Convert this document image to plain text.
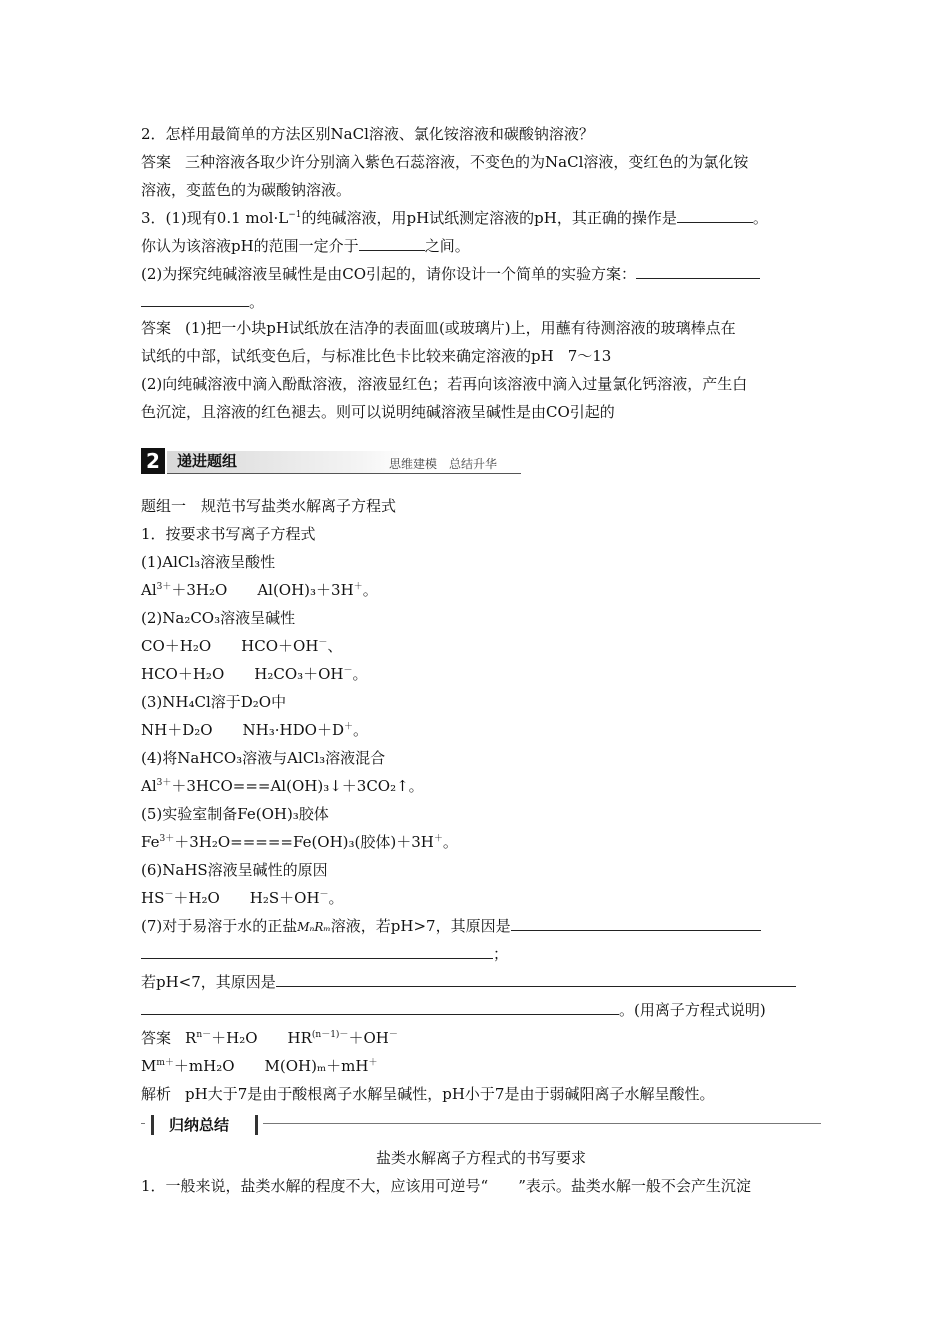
2．怎样用最简单的方法区别NaCl溶液、氯化铵溶液和碳酸钠溶液？
答案 三种溶液各取少许分别滴入紫色石蕊溶液，不变色的为NaCl溶液，变红色的为氯化铵
溶液，变蓝色的为碳酸钠溶液。
3．(1)现有0.1 $mol\cdot L^{-1}$的纯碱溶液，用pH试纸测定溶液的pH，其正确的操作是	。
你认为该溶液pH的范围一定介于	之间。
(2)为探究纯碱溶液呈碱性是由CO引起的，请你设计一个简单的实验方案：
。
答案 (1)把一小块pH试纸放在洁净的表面皿(或玻璃片)上，用蘸有待测溶液的玻璃棒点在
试纸的中部，试纸变色后，与标准比色卡比较来确定溶液的pH 7～13
(2)向纯碱溶液中滴入酚酞溶液，溶液显红色；若再向该溶液中滴入过量氯化钙溶液，产生白
色沉淀，且溶液的红色褪去。则可以说明纯碱溶液呈碱性是由CO引起的
2	递进题组	思维建模　总结升华
题组一　规范书写盐类水解离子方程式
1．按要求书写离子方程式
(1)AlCl₃溶液呈酸性
$Al^{3+}+3H_2O$ Al(OH)₃＋3H＋。
(2)Na₂CO₃溶液呈碱性
CO＋H₂O HCO＋OH－、
HCO＋H₂O H₂CO₃＋OH－。
(3)NH₄Cl溶于D₂O中
NH＋D₂O NH₃·HDO＋D＋。
(4)将NaHCO₃溶液与AlCl₃溶液混合
$Al^{3+}+3HCO===Al(OH)_3↓+3CO_2↑$。
(5)实验室制备Fe(OH)₃胶体
$Fe^{3+}+3H_2O=====Fe(OH)_3$(胶体)＋3H＋。
(6)NaHS溶液呈碱性的原因
HS－＋H₂O H₂S＋OH－。
(7)对于易溶于水的正盐MₙRₘ溶液，若pH>7，其原因是
；
若pH<7，其原因是
。(用离子方程式说明)
答案 $R^{n-}+H_2O$ $HR^{(n-1)-}+OH^-$
$M^{m+}+mH_2O$ M(OH)ₘ＋mH＋
解析 pH大于7是由于酸根离子水解呈碱性，pH小于7是由于弱碱阳离子水解呈酸性。
归纳总结
盐类水解离子方程式的书写要求
1．一般来说，盐类水解的程度不大，应该用可逆号“ ”表示。盐类水解一般不会产生沉淀
